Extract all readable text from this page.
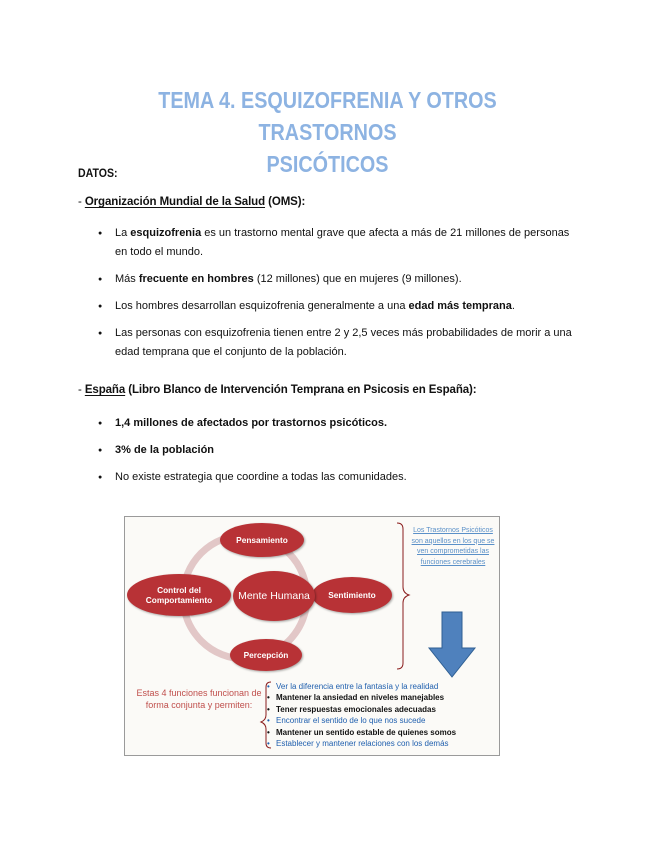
TEMA 4. ESQUIZOFRENIA Y OTROS TRASTORNOS
PSICÓTICOS
DATOS:
- Organización Mundial de la Salud (OMS):
● La esquizofrenia es un trastorno mental grave que afecta a más de 21 millones de personas en todo el mundo.
● Más frecuente en hombres (12 millones) que en mujeres (9 millones).
● Los hombres desarrollan esquizofrenia generalmente a una edad más temprana.
● Las personas con esquizofrenia tienen entre 2 y 2,5 veces más probabilidades de morir a una edad temprana que el conjunto de la población.
- España (Libro Blanco de Intervención Temprana en Psicosis en España):
● 1,4 millones de afectados por trastornos psicóticos.
● 3% de la población
● No existe estrategia que coordine a todas las comunidades.
Pensamiento
Sentimiento
Percepción
Control del Comportamiento	Mente Humana
Los Trastornos Psicóticos son aquellos en los que se ven comprometidas las funciones cerebrales
Estas 4 funciones funcionan de forma conjunta y permiten:
• Ver la diferencia entre la fantasía y la realidad
• Mantener la ansiedad en niveles manejables
• Tener respuestas emocionales adecuadas
• Encontrar el sentido de lo que nos sucede
• Mantener un sentido estable de quienes somos
• Establecer y mantener relaciones con los demás
